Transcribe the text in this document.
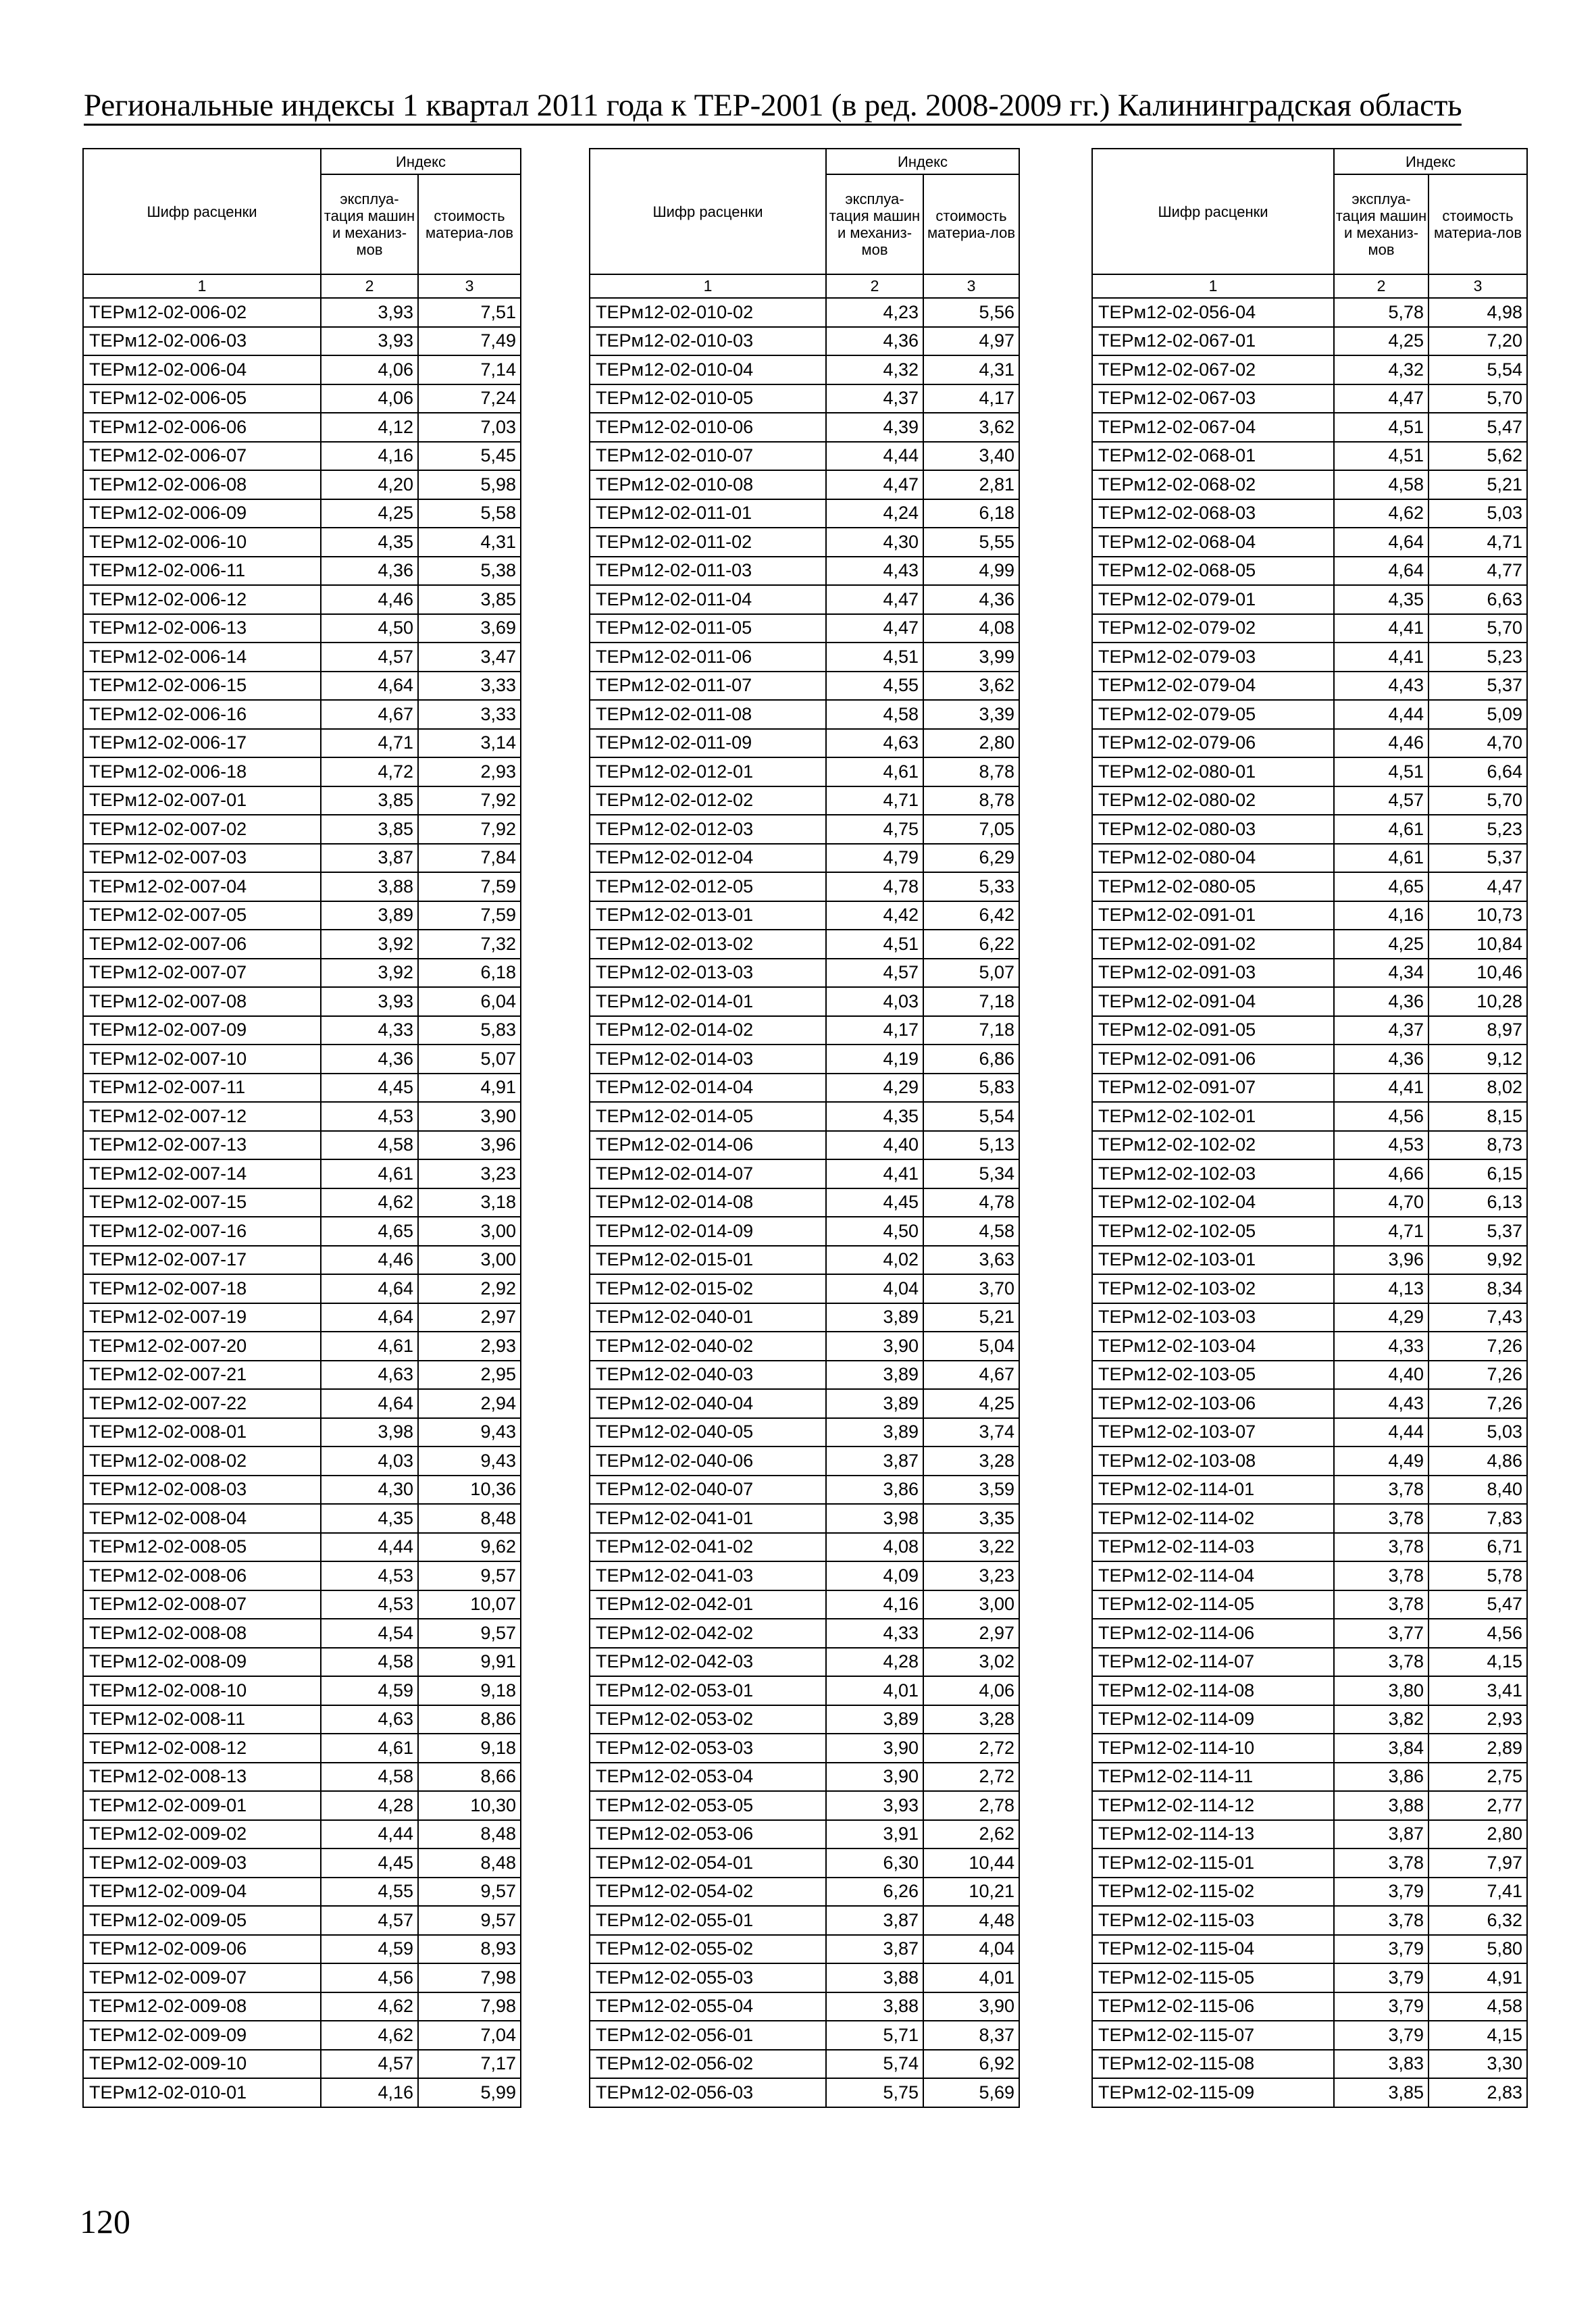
Региональные индексы 1 квартал 2011 года к ТЕР-2001 (в ред. 2008-2009 гг.) Калининградская область
Шифр расценки	Индекс	
	эксплуа-тация машин и механиз-мов	стоимость материа-лов
1	2	3
ТЕРм12-02-006-02	3,93	7,51
ТЕРм12-02-006-03	3,93	7,49
ТЕРм12-02-006-04	4,06	7,14
ТЕРм12-02-006-05	4,06	7,24
ТЕРм12-02-006-06	4,12	7,03
ТЕРм12-02-006-07	4,16	5,45
ТЕРм12-02-006-08	4,20	5,98
ТЕРм12-02-006-09	4,25	5,58
ТЕРм12-02-006-10	4,35	4,31
ТЕРм12-02-006-11	4,36	5,38
ТЕРм12-02-006-12	4,46	3,85
ТЕРм12-02-006-13	4,50	3,69
ТЕРм12-02-006-14	4,57	3,47
ТЕРм12-02-006-15	4,64	3,33
ТЕРм12-02-006-16	4,67	3,33
ТЕРм12-02-006-17	4,71	3,14
ТЕРм12-02-006-18	4,72	2,93
ТЕРм12-02-007-01	3,85	7,92
ТЕРм12-02-007-02	3,85	7,92
ТЕРм12-02-007-03	3,87	7,84
ТЕРм12-02-007-04	3,88	7,59
ТЕРм12-02-007-05	3,89	7,59
ТЕРм12-02-007-06	3,92	7,32
ТЕРм12-02-007-07	3,92	6,18
ТЕРм12-02-007-08	3,93	6,04
ТЕРм12-02-007-09	4,33	5,83
ТЕРм12-02-007-10	4,36	5,07
ТЕРм12-02-007-11	4,45	4,91
ТЕРм12-02-007-12	4,53	3,90
ТЕРм12-02-007-13	4,58	3,96
ТЕРм12-02-007-14	4,61	3,23
ТЕРм12-02-007-15	4,62	3,18
ТЕРм12-02-007-16	4,65	3,00
ТЕРм12-02-007-17	4,46	3,00
ТЕРм12-02-007-18	4,64	2,92
ТЕРм12-02-007-19	4,64	2,97
ТЕРм12-02-007-20	4,61	2,93
ТЕРм12-02-007-21	4,63	2,95
ТЕРм12-02-007-22	4,64	2,94
ТЕРм12-02-008-01	3,98	9,43
ТЕРм12-02-008-02	4,03	9,43
ТЕРм12-02-008-03	4,30	10,36
ТЕРм12-02-008-04	4,35	8,48
ТЕРм12-02-008-05	4,44	9,62
ТЕРм12-02-008-06	4,53	9,57
ТЕРм12-02-008-07	4,53	10,07
ТЕРм12-02-008-08	4,54	9,57
ТЕРм12-02-008-09	4,58	9,91
ТЕРм12-02-008-10	4,59	9,18
ТЕРм12-02-008-11	4,63	8,86
ТЕРм12-02-008-12	4,61	9,18
ТЕРм12-02-008-13	4,58	8,66
ТЕРм12-02-009-01	4,28	10,30
ТЕРм12-02-009-02	4,44	8,48
ТЕРм12-02-009-03	4,45	8,48
ТЕРм12-02-009-04	4,55	9,57
ТЕРм12-02-009-05	4,57	9,57
ТЕРм12-02-009-06	4,59	8,93
ТЕРм12-02-009-07	4,56	7,98
ТЕРм12-02-009-08	4,62	7,98
ТЕРм12-02-009-09	4,62	7,04
ТЕРм12-02-009-10	4,57	7,17
ТЕРм12-02-010-01	4,16	5,99
Шифр расценки	Индекс	
	эксплуа-тация машин и механиз-мов	стоимость материа-лов
1	2	3
ТЕРм12-02-010-02	4,23	5,56
ТЕРм12-02-010-03	4,36	4,97
ТЕРм12-02-010-04	4,32	4,31
ТЕРм12-02-010-05	4,37	4,17
ТЕРм12-02-010-06	4,39	3,62
ТЕРм12-02-010-07	4,44	3,40
ТЕРм12-02-010-08	4,47	2,81
ТЕРм12-02-011-01	4,24	6,18
ТЕРм12-02-011-02	4,30	5,55
ТЕРм12-02-011-03	4,43	4,99
ТЕРм12-02-011-04	4,47	4,36
ТЕРм12-02-011-05	4,47	4,08
ТЕРм12-02-011-06	4,51	3,99
ТЕРм12-02-011-07	4,55	3,62
ТЕРм12-02-011-08	4,58	3,39
ТЕРм12-02-011-09	4,63	2,80
ТЕРм12-02-012-01	4,61	8,78
ТЕРм12-02-012-02	4,71	8,78
ТЕРм12-02-012-03	4,75	7,05
ТЕРм12-02-012-04	4,79	6,29
ТЕРм12-02-012-05	4,78	5,33
ТЕРм12-02-013-01	4,42	6,42
ТЕРм12-02-013-02	4,51	6,22
ТЕРм12-02-013-03	4,57	5,07
ТЕРм12-02-014-01	4,03	7,18
ТЕРм12-02-014-02	4,17	7,18
ТЕРм12-02-014-03	4,19	6,86
ТЕРм12-02-014-04	4,29	5,83
ТЕРм12-02-014-05	4,35	5,54
ТЕРм12-02-014-06	4,40	5,13
ТЕРм12-02-014-07	4,41	5,34
ТЕРм12-02-014-08	4,45	4,78
ТЕРм12-02-014-09	4,50	4,58
ТЕРм12-02-015-01	4,02	3,63
ТЕРм12-02-015-02	4,04	3,70
ТЕРм12-02-040-01	3,89	5,21
ТЕРм12-02-040-02	3,90	5,04
ТЕРм12-02-040-03	3,89	4,67
ТЕРм12-02-040-04	3,89	4,25
ТЕРм12-02-040-05	3,89	3,74
ТЕРм12-02-040-06	3,87	3,28
ТЕРм12-02-040-07	3,86	3,59
ТЕРм12-02-041-01	3,98	3,35
ТЕРм12-02-041-02	4,08	3,22
ТЕРм12-02-041-03	4,09	3,23
ТЕРм12-02-042-01	4,16	3,00
ТЕРм12-02-042-02	4,33	2,97
ТЕРм12-02-042-03	4,28	3,02
ТЕРм12-02-053-01	4,01	4,06
ТЕРм12-02-053-02	3,89	3,28
ТЕРм12-02-053-03	3,90	2,72
ТЕРм12-02-053-04	3,90	2,72
ТЕРм12-02-053-05	3,93	2,78
ТЕРм12-02-053-06	3,91	2,62
ТЕРм12-02-054-01	6,30	10,44
ТЕРм12-02-054-02	6,26	10,21
ТЕРм12-02-055-01	3,87	4,48
ТЕРм12-02-055-02	3,87	4,04
ТЕРм12-02-055-03	3,88	4,01
ТЕРм12-02-055-04	3,88	3,90
ТЕРм12-02-056-01	5,71	8,37
ТЕРм12-02-056-02	5,74	6,92
ТЕРм12-02-056-03	5,75	5,69
Шифр расценки	Индекс	
	эксплуа-тация машин и механиз-мов	стоимость материа-лов
1	2	3
ТЕРм12-02-056-04	5,78	4,98
ТЕРм12-02-067-01	4,25	7,20
ТЕРм12-02-067-02	4,32	5,54
ТЕРм12-02-067-03	4,47	5,70
ТЕРм12-02-067-04	4,51	5,47
ТЕРм12-02-068-01	4,51	5,62
ТЕРм12-02-068-02	4,58	5,21
ТЕРм12-02-068-03	4,62	5,03
ТЕРм12-02-068-04	4,64	4,71
ТЕРм12-02-068-05	4,64	4,77
ТЕРм12-02-079-01	4,35	6,63
ТЕРм12-02-079-02	4,41	5,70
ТЕРм12-02-079-03	4,41	5,23
ТЕРм12-02-079-04	4,43	5,37
ТЕРм12-02-079-05	4,44	5,09
ТЕРм12-02-079-06	4,46	4,70
ТЕРм12-02-080-01	4,51	6,64
ТЕРм12-02-080-02	4,57	5,70
ТЕРм12-02-080-03	4,61	5,23
ТЕРм12-02-080-04	4,61	5,37
ТЕРм12-02-080-05	4,65	4,47
ТЕРм12-02-091-01	4,16	10,73
ТЕРм12-02-091-02	4,25	10,84
ТЕРм12-02-091-03	4,34	10,46
ТЕРм12-02-091-04	4,36	10,28
ТЕРм12-02-091-05	4,37	8,97
ТЕРм12-02-091-06	4,36	9,12
ТЕРм12-02-091-07	4,41	8,02
ТЕРм12-02-102-01	4,56	8,15
ТЕРм12-02-102-02	4,53	8,73
ТЕРм12-02-102-03	4,66	6,15
ТЕРм12-02-102-04	4,70	6,13
ТЕРм12-02-102-05	4,71	5,37
ТЕРм12-02-103-01	3,96	9,92
ТЕРм12-02-103-02	4,13	8,34
ТЕРм12-02-103-03	4,29	7,43
ТЕРм12-02-103-04	4,33	7,26
ТЕРм12-02-103-05	4,40	7,26
ТЕРм12-02-103-06	4,43	7,26
ТЕРм12-02-103-07	4,44	5,03
ТЕРм12-02-103-08	4,49	4,86
ТЕРм12-02-114-01	3,78	8,40
ТЕРм12-02-114-02	3,78	7,83
ТЕРм12-02-114-03	3,78	6,71
ТЕРм12-02-114-04	3,78	5,78
ТЕРм12-02-114-05	3,78	5,47
ТЕРм12-02-114-06	3,77	4,56
ТЕРм12-02-114-07	3,78	4,15
ТЕРм12-02-114-08	3,80	3,41
ТЕРм12-02-114-09	3,82	2,93
ТЕРм12-02-114-10	3,84	2,89
ТЕРм12-02-114-11	3,86	2,75
ТЕРм12-02-114-12	3,88	2,77
ТЕРм12-02-114-13	3,87	2,80
ТЕРм12-02-115-01	3,78	7,97
ТЕРм12-02-115-02	3,79	7,41
ТЕРм12-02-115-03	3,78	6,32
ТЕРм12-02-115-04	3,79	5,80
ТЕРм12-02-115-05	3,79	4,91
ТЕРм12-02-115-06	3,79	4,58
ТЕРм12-02-115-07	3,79	4,15
ТЕРм12-02-115-08	3,83	3,30
ТЕРм12-02-115-09	3,85	2,83
120
